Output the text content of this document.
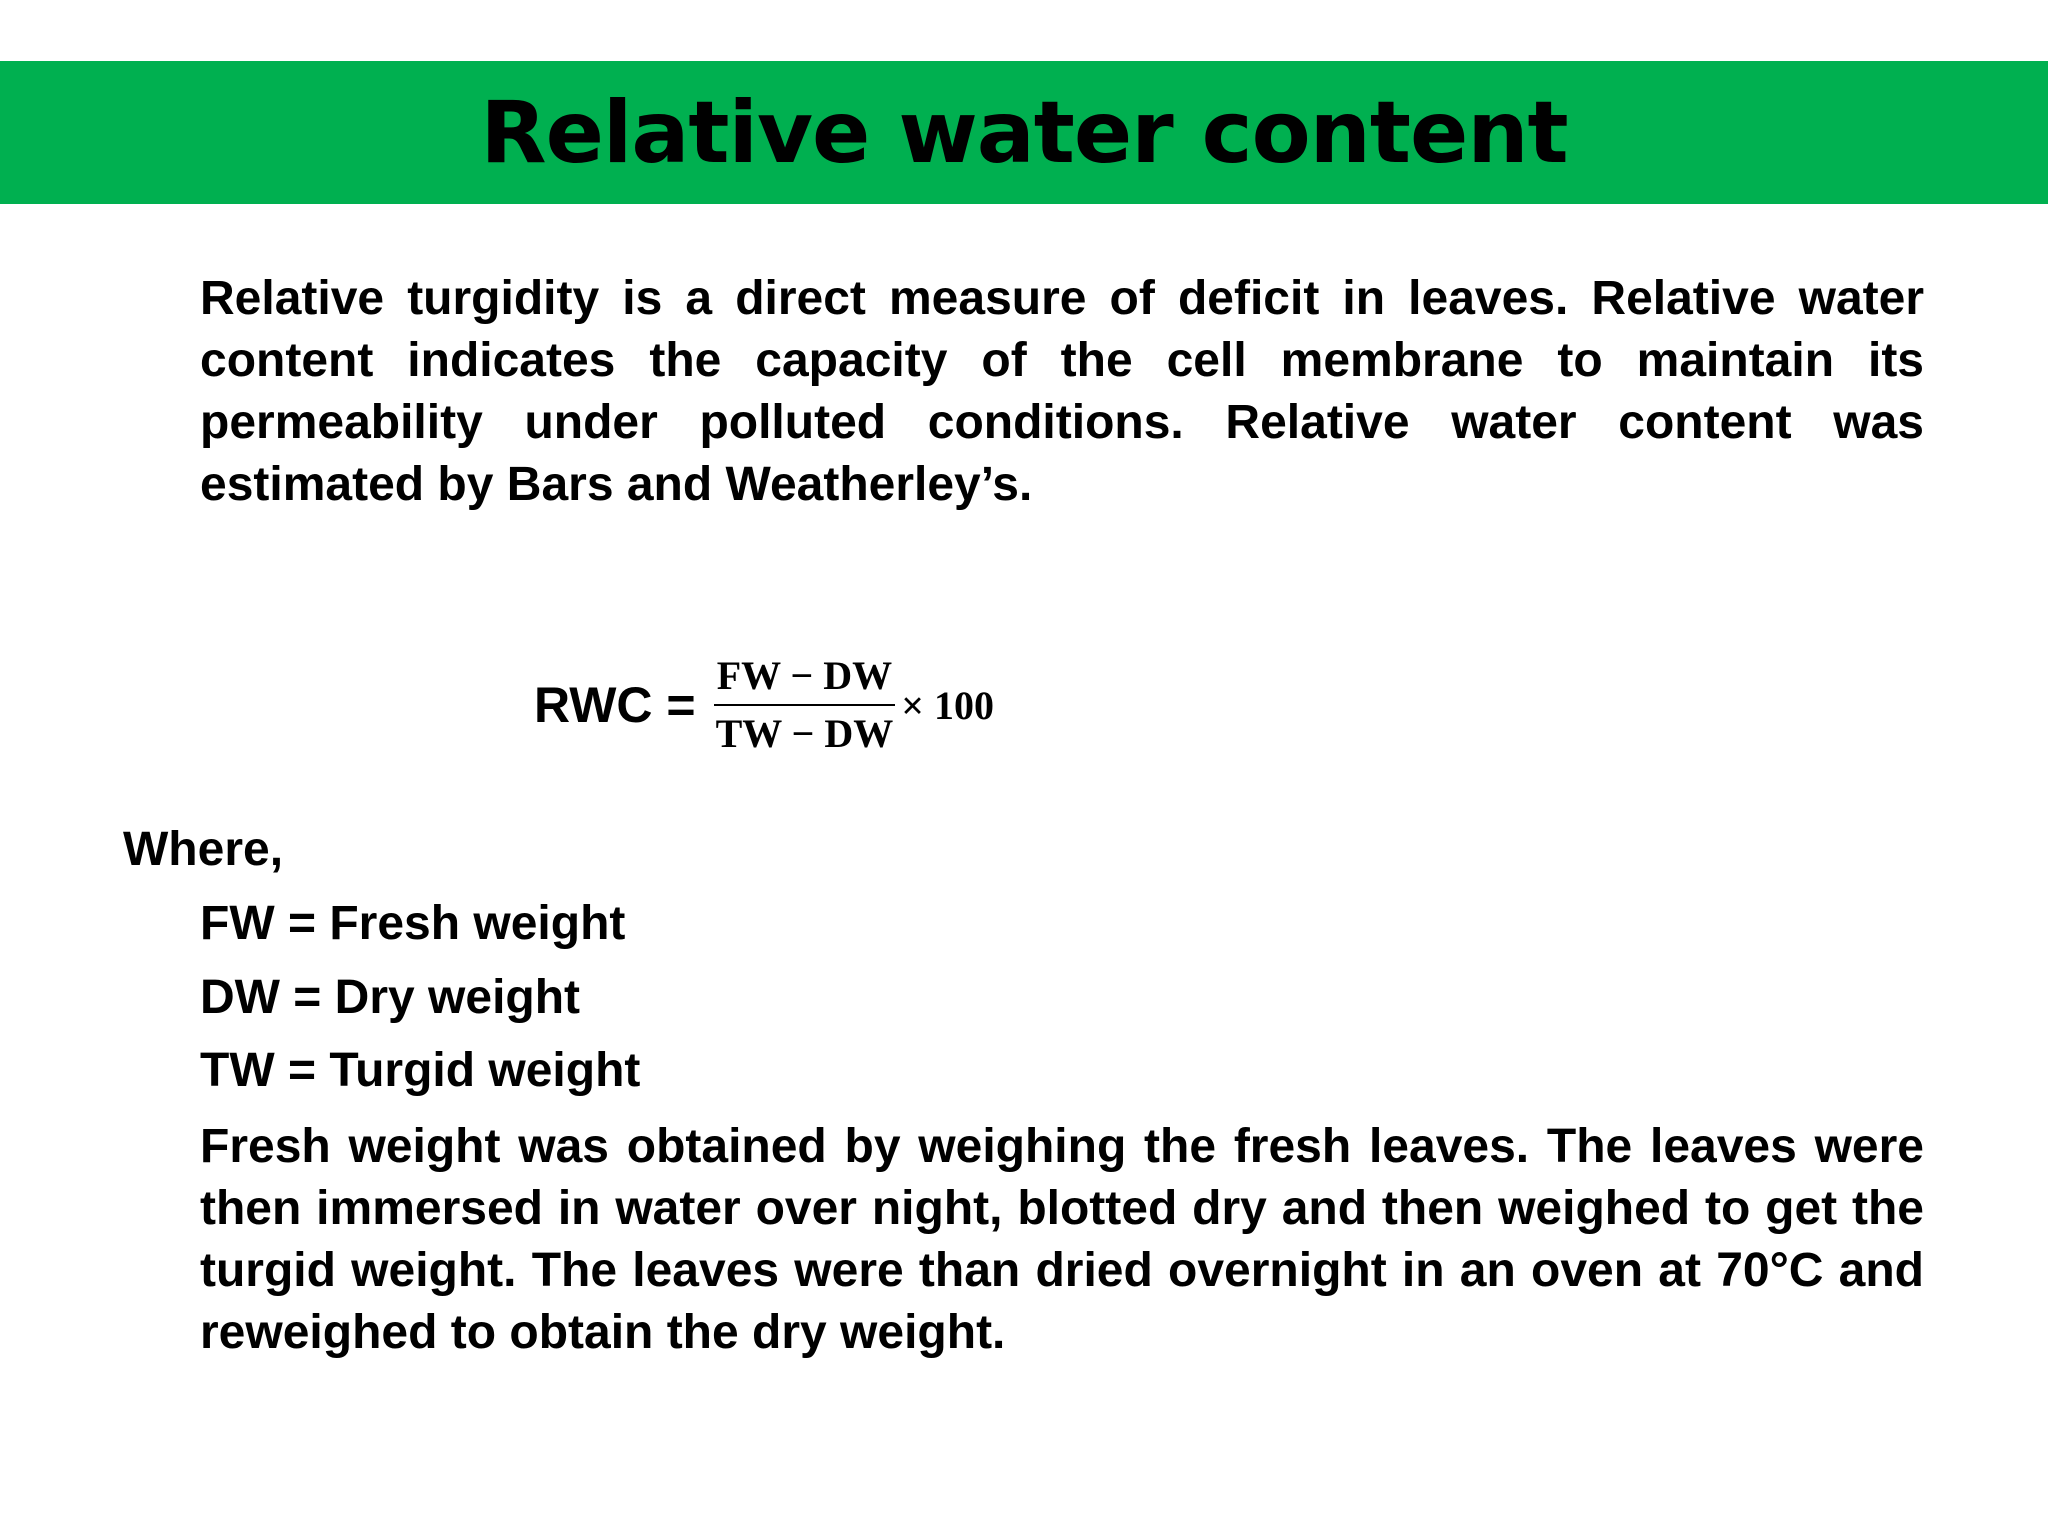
Relative water content

Relative turgidity is a direct measure of deficit in leaves. Relative water content indicates the capacity of the cell membrane to maintain its permeability under polluted conditions. Relative water content was estimated by Bars and Weatherley’s.

RWC = $\frac{FW - DW}{TW - DW} \times 100$

Where,

FW = Fresh weight

DW = Dry weight

TW = Turgid weight

Fresh weight was obtained by weighing the fresh leaves. The leaves were then immersed in water over night, blotted dry and then weighed to get the turgid weight. The leaves were than dried overnight in an oven at 70°C and reweighed to obtain the dry weight.
